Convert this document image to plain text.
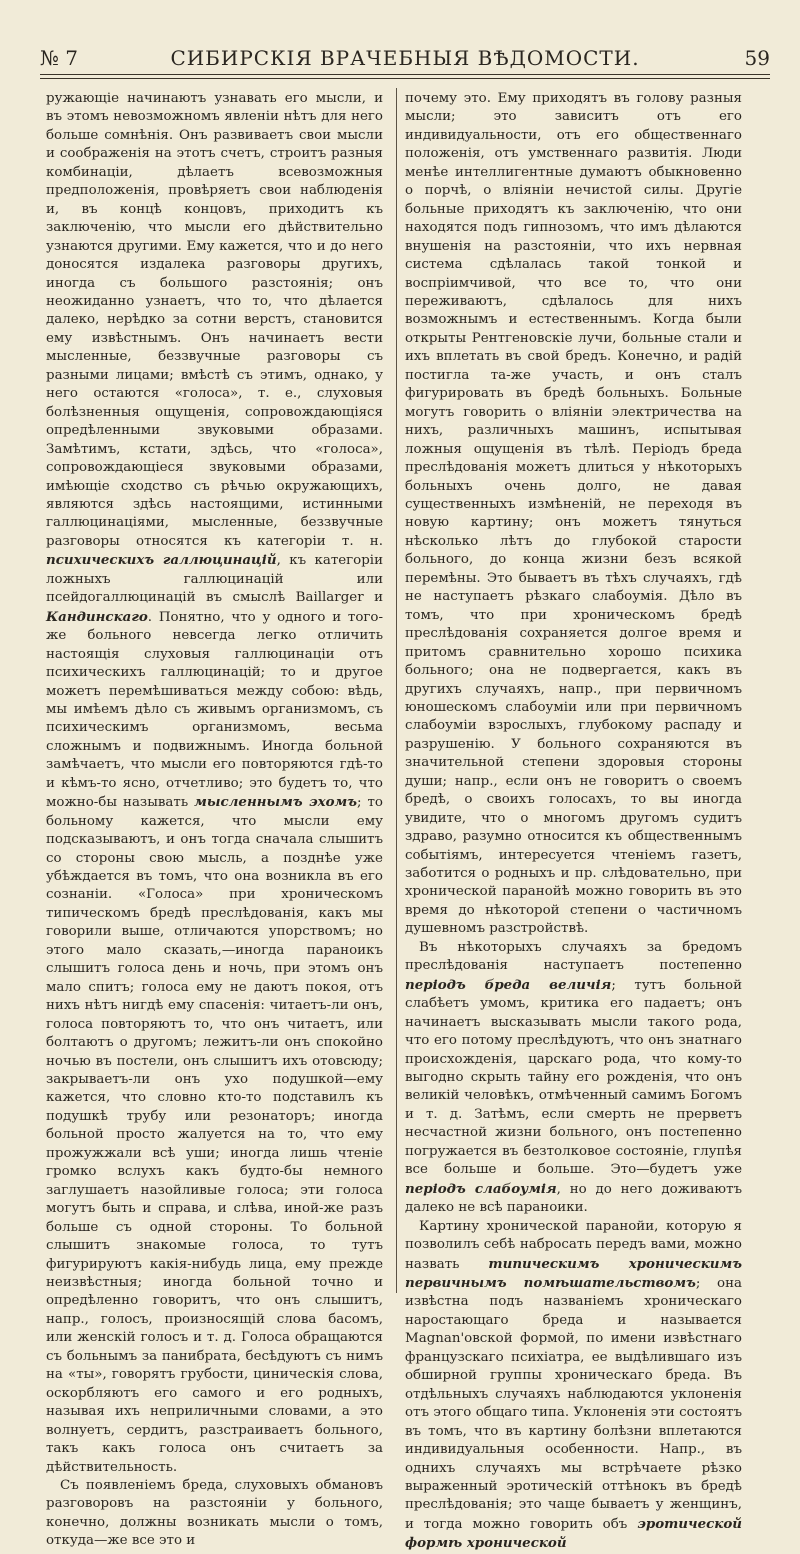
№ 7	СИБИРСКІЯ ВРАЧЕБНЫЯ ВѢДОМОСТИ.	59

ружающіе начинаютъ узнавать его мысли, и въ этомъ невозможномъ явленіи нѣтъ для него больше сомнѣнія. Онъ развиваетъ свои мысли и соображенія на этотъ счетъ, строитъ разныя комбинаціи, дѣлаетъ всевозможныя предположенія, провѣряетъ свои наблюденія и, въ концѣ концовъ, приходитъ къ заключенію, что мысли его дѣйствительно узнаются другими. Ему кажется, что и до него доносятся издалека разговоры другихъ, иногда съ большого разстоянія; онъ неожиданно узнаетъ, что то, что дѣлается далеко, нерѣдко за сотни верстъ, становится ему извѣстнымъ. Онъ начинаетъ вести мысленные, беззвучные разговоры съ разными лицами; вмѣстѣ съ этимъ, однако, у него остаются «голоса», т. е., слуховыя болѣзненныя ощущенія, сопровождающіяся опредѣленными звуковыми образами. Замѣтимъ, кстати, здѣсь, что «голоса», сопровождающіеся звуковыми образами, имѣющіе сходство съ рѣчью окружающихъ, являются здѣсь настоящими, истинными галлюцинаціями, мысленные, беззвучные разговоры относятся къ категоріи т. н. психическихъ галлюцинацій, къ категоріи ложныхъ галлюцинацій или псейдогаллюцинацій въ смыслѣ Baillarger и Кандинскаго. Понятно, что у одного и того-же больного невсегда легко отличить настоящія слуховыя галлюцинаціи отъ психическихъ галлюцинацій; то и другое можетъ перемѣшиваться между собою: вѣдь, мы имѣемъ дѣло съ живымъ организмомъ, съ психическимъ организмомъ, весьма сложнымъ и подвижнымъ. Иногда больной замѣчаетъ, что мысли его повторяются гдѣ-то и кѣмъ-то ясно, отчетливо; это будетъ то, что можно-бы называть мысленнымъ эхомъ; то больному кажется, что мысли ему подсказываютъ, и онъ тогда сначала слышитъ со стороны свою мысль, а позднѣе уже убѣждается въ томъ, что она возникла въ его сознаніи. «Голоса» при хроническомъ типическомъ бредѣ преслѣдованія, какъ мы говорили выше, отличаются упорствомъ; но этого мало сказать,—иногда параноикъ слышитъ голоса день и ночь, при этомъ онъ мало спитъ; голоса ему не даютъ покоя, отъ нихъ нѣтъ нигдѣ ему спасенія: читаетъ-ли онъ, голоса повторяютъ то, что онъ читаетъ, или болтаютъ о другомъ; лежитъ-ли онъ спокойно ночью въ постели, онъ слышитъ ихъ отовсюду; закрываетъ-ли онъ ухо подушкой—ему кажется, что словно кто-то подставилъ къ подушкѣ трубу или резонаторъ; иногда больной просто жалуется на то, что ему прожужжали всѣ уши; иногда лишь чтеніе громко вслухъ какъ будто-бы немного заглушаетъ назойливые голоса; эти голоса могутъ быть и справа, и слѣва, иной-же разъ больше съ одной стороны. То больной слышитъ знакомые голоса, то тутъ фигурируютъ какія-нибудь лица, ему прежде неизвѣстныя; иногда больной точно и опредѣленно говоритъ, что онъ слышитъ, напр., голосъ, произносящій слова басомъ, или женскій голосъ и т. д. Голоса обращаются съ больнымъ за панибрата, бесѣдуютъ съ нимъ на «ты», говорятъ грубости, циническія слова, оскорбляютъ его самого и его родныхъ, называя ихъ неприличными словами, а это волнуетъ, сердитъ, разстраиваетъ больного, такъ какъ голоса онъ считаетъ за дѣйствительность.

Съ появленіемъ бреда, слуховыхъ обмановъ разговоровъ на разстояніи у больного, конечно, должны возникать мысли о томъ, откуда—же все это и

почему это. Ему приходятъ въ голову разныя мысли; это зависитъ отъ его индивидуальности, отъ его общественнаго положенія, отъ умственнаго развитія. Люди менѣе интеллигентные думаютъ обыкновенно о порчѣ, о вліяніи нечистой силы. Другіе больные приходятъ къ заключенію, что они находятся подъ гипнозомъ, что имъ дѣлаются внушенія на разстояніи, что ихъ нервная система сдѣлалась такой тонкой и воспріимчивой, что все то, что они переживаютъ, сдѣлалось для нихъ возможнымъ и естественнымъ. Когда были открыты Рентгеновскіе лучи, больные стали и ихъ вплетать въ свой бредъ. Конечно, и радій постигла та-же участь, и онъ сталъ фигурировать въ бредѣ больныхъ. Больные могутъ говорить о вліяніи электричества на нихъ, различныхъ машинъ, испытывая ложныя ощущенія въ тѣлѣ. Періодъ бреда преслѣдованія можетъ длиться у нѣкоторыхъ больныхъ очень долго, не давая существенныхъ измѣненій, не переходя въ новую картину; онъ можетъ тянуться нѣсколько лѣтъ до глубокой старости больного, до конца жизни безъ всякой перемѣны. Это бываетъ въ тѣхъ случаяхъ, гдѣ не наступаетъ рѣзкаго слабоумія. Дѣло въ томъ, что при хроническомъ бредѣ преслѣдованія сохраняется долгое время и притомъ сравнительно хорошо психика больного; она не подвергается, какъ въ другихъ случаяхъ, напр., при первичномъ юношескомъ слабоуміи или при первичномъ слабоуміи взрослыхъ, глубокому распаду и разрушенію. У больного сохраняются въ значительной степени здоровыя стороны души; напр., если онъ не говоритъ о своемъ бредѣ, о своихъ голосахъ, то вы иногда увидите, что о многомъ другомъ судитъ здраво, разумно относится къ общественнымъ событіямъ, интересуется чтеніемъ газетъ, заботится о родныхъ и пр. слѣдовательно, при хронической паранойѣ можно говорить въ это время до нѣкоторой степени о частичномъ душевномъ разстройствѣ.

Въ нѣкоторыхъ случаяхъ за бредомъ преслѣдованія наступаетъ постепенно періодъ бреда величія; тутъ больной слабѣетъ умомъ, критика его падаетъ; онъ начинаетъ высказывать мысли такого рода, что его потому преслѣдуютъ, что онъ знатнаго происхожденія, царскаго рода, что кому-то выгодно скрыть тайну его рожденія, что онъ великій человѣкъ, отмѣченный самимъ Богомъ и т. д. Затѣмъ, если смерть не прерветъ несчастной жизни больного, онъ постепенно погружается въ безтолковое состояніе, глупѣя все больше и больше. Это—будетъ уже періодъ слабоумія, но до него доживаютъ далеко не всѣ параноики.

Картину хронической паранойи, которую я позволилъ себѣ набросать передъ вами, можно назвать типическимъ хроническимъ первичнымъ помѣшательствомъ; она извѣстна подъ названіемъ хроническаго наростающаго бреда и называется Magnan'овской формой, по имени извѣстнаго французскаго психіатра, ее выдѣлившаго изъ обширной группы хроническаго бреда. Въ отдѣльныхъ случаяхъ наблюдаются уклоненія отъ этого общаго типа. Уклоненія эти состоятъ въ томъ, что въ картину болѣзни вплетаются индивидуальныя особенности. Напр., въ однихъ случаяхъ мы встрѣчаете рѣзко выраженный эротическій оттѣнокъ въ бредѣ преслѣдованія; это чаще бываетъ у женщинъ, и тогда можно говорить объ эротической формѣ хронической
